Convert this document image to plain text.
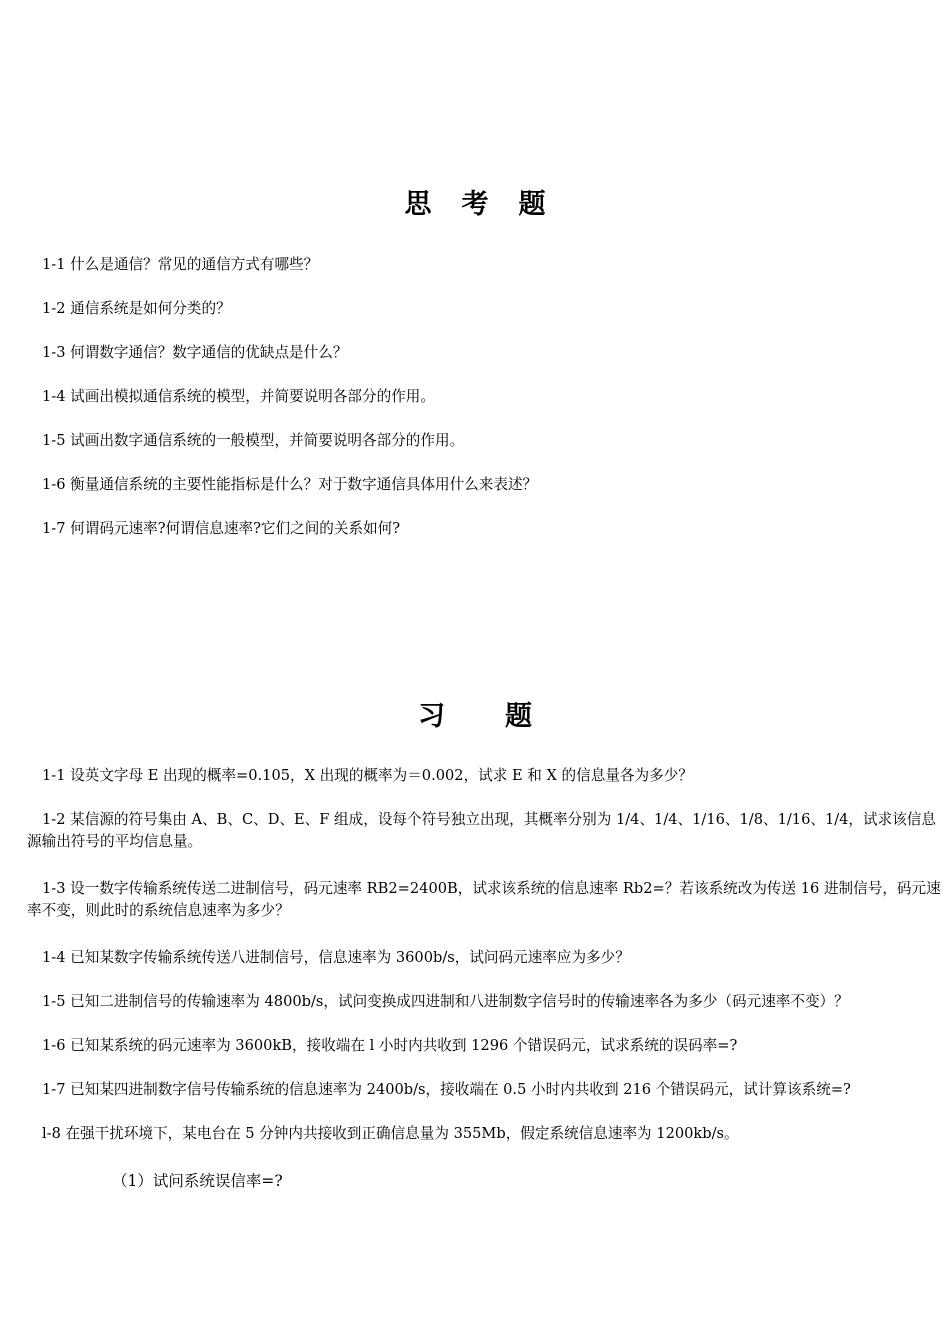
思 考 题
1-1 什么是通信？常见的通信方式有哪些？
1-2 通信系统是如何分类的？
1-3 何谓数字通信？数字通信的优缺点是什么？
1-4 试画出模拟通信系统的模型，并简要说明各部分的作用。
1-5 试画出数字通信系统的一般模型，并简要说明各部分的作用。
1-6 衡量通信系统的主要性能指标是什么？对于数字通信具体用什么来表述？
1-7 何谓码元速率?何谓信息速率?它们之间的关系如何?
习 题
1-1 设英文字母 E 出现的概率=0.105，X 出现的概率为＝0.002，试求 E 和 X 的信息量各为多少？
1-2 某信源的符号集由 A、B、C、D、E、F 组成，设每个符号独立出现，其概率分别为 1/4、1/4、1/16、1/8、1/16、1/4，试求该信息源输出符号的平均信息量。
1-3 设一数字传输系统传送二进制信号，码元速率 RB2=2400B，试求该系统的信息速率 Rb2=？若该系统改为传送 16 进制信号，码元速率不变，则此时的系统信息速率为多少？
1-4 已知某数字传输系统传送八进制信号，信息速率为 3600b/s，试问码元速率应为多少？
1-5 已知二进制信号的传输速率为 4800b/s，试问变换成四进制和八进制数字信号时的传输速率各为多少（码元速率不变）？
1-6 已知某系统的码元速率为 3600kB，接收端在 l 小时内共收到 1296 个错误码元，试求系统的误码率=?
1-7 已知某四进制数字信号传输系统的信息速率为 2400b/s，接收端在 0.5 小时内共收到 216 个错误码元，试计算该系统=?
l-8 在强干扰环境下，某电台在 5 分钟内共接收到正确信息量为 355Mb，假定系统信息速率为 1200kb/s。
（1）试问系统误信率=?
